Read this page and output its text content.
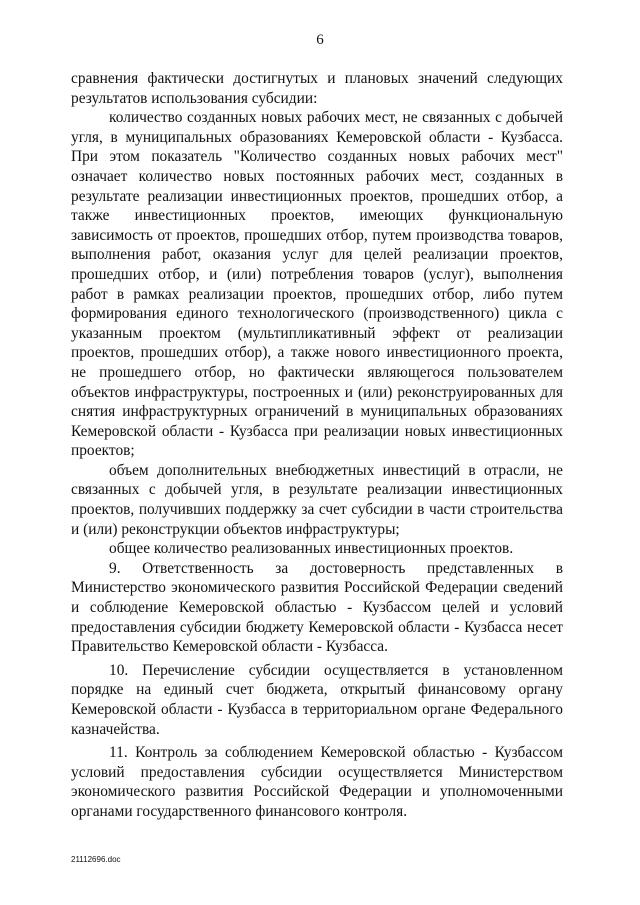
6

сравнения фактически достигнутых и плановых значений следующих результатов использования субсидии:

количество созданных новых рабочих мест, не связанных с добычей угля, в муниципальных образованиях Кемеровской области - Кузбасса. При этом показатель "Количество созданных новых рабочих мест" означает количество новых постоянных рабочих мест, созданных в результате реализации инвестиционных проектов, прошедших отбор, а также инвестиционных проектов, имеющих функциональную зависимость от проектов, прошедших отбор, путем производства товаров, выполнения работ, оказания услуг для целей реализации проектов, прошедших отбор, и (или) потребления товаров (услуг), выполнения работ в рамках реализации проектов, прошедших отбор, либо путем формирования единого технологического (производственного) цикла с указанным проектом (мультипликативный эффект от реализации проектов, прошедших отбор), а также нового инвестиционного проекта, не прошедшего отбор, но фактически являющегося пользователем объектов инфраструктуры, построенных и (или) реконструированных для снятия инфраструктурных ограничений в муниципальных образованиях Кемеровской области - Кузбасса при реализации новых инвестиционных проектов;

объем дополнительных внебюджетных инвестиций в отрасли, не связанных с добычей угля, в результате реализации инвестиционных проектов, получивших поддержку за счет субсидии в части строительства и (или) реконструкции объектов инфраструктуры;

общее количество реализованных инвестиционных проектов.

9. Ответственность за достоверность представленных в Министерство экономического развития Российской Федерации сведений и соблюдение Кемеровской областью - Кузбассом целей и условий предоставления субсидии бюджету Кемеровской области - Кузбасса несет Правительство Кемеровской области - Кузбасса.

10. Перечисление субсидии осуществляется в установленном порядке на единый счет бюджета, открытый финансовому органу Кемеровской области - Кузбасса в территориальном органе Федерального казначейства.

11. Контроль за соблюдением Кемеровской областью - Кузбассом условий предоставления субсидии осуществляется Министерством экономического развития Российской Федерации и уполномоченными органами государственного финансового контроля.

21112696.doc
